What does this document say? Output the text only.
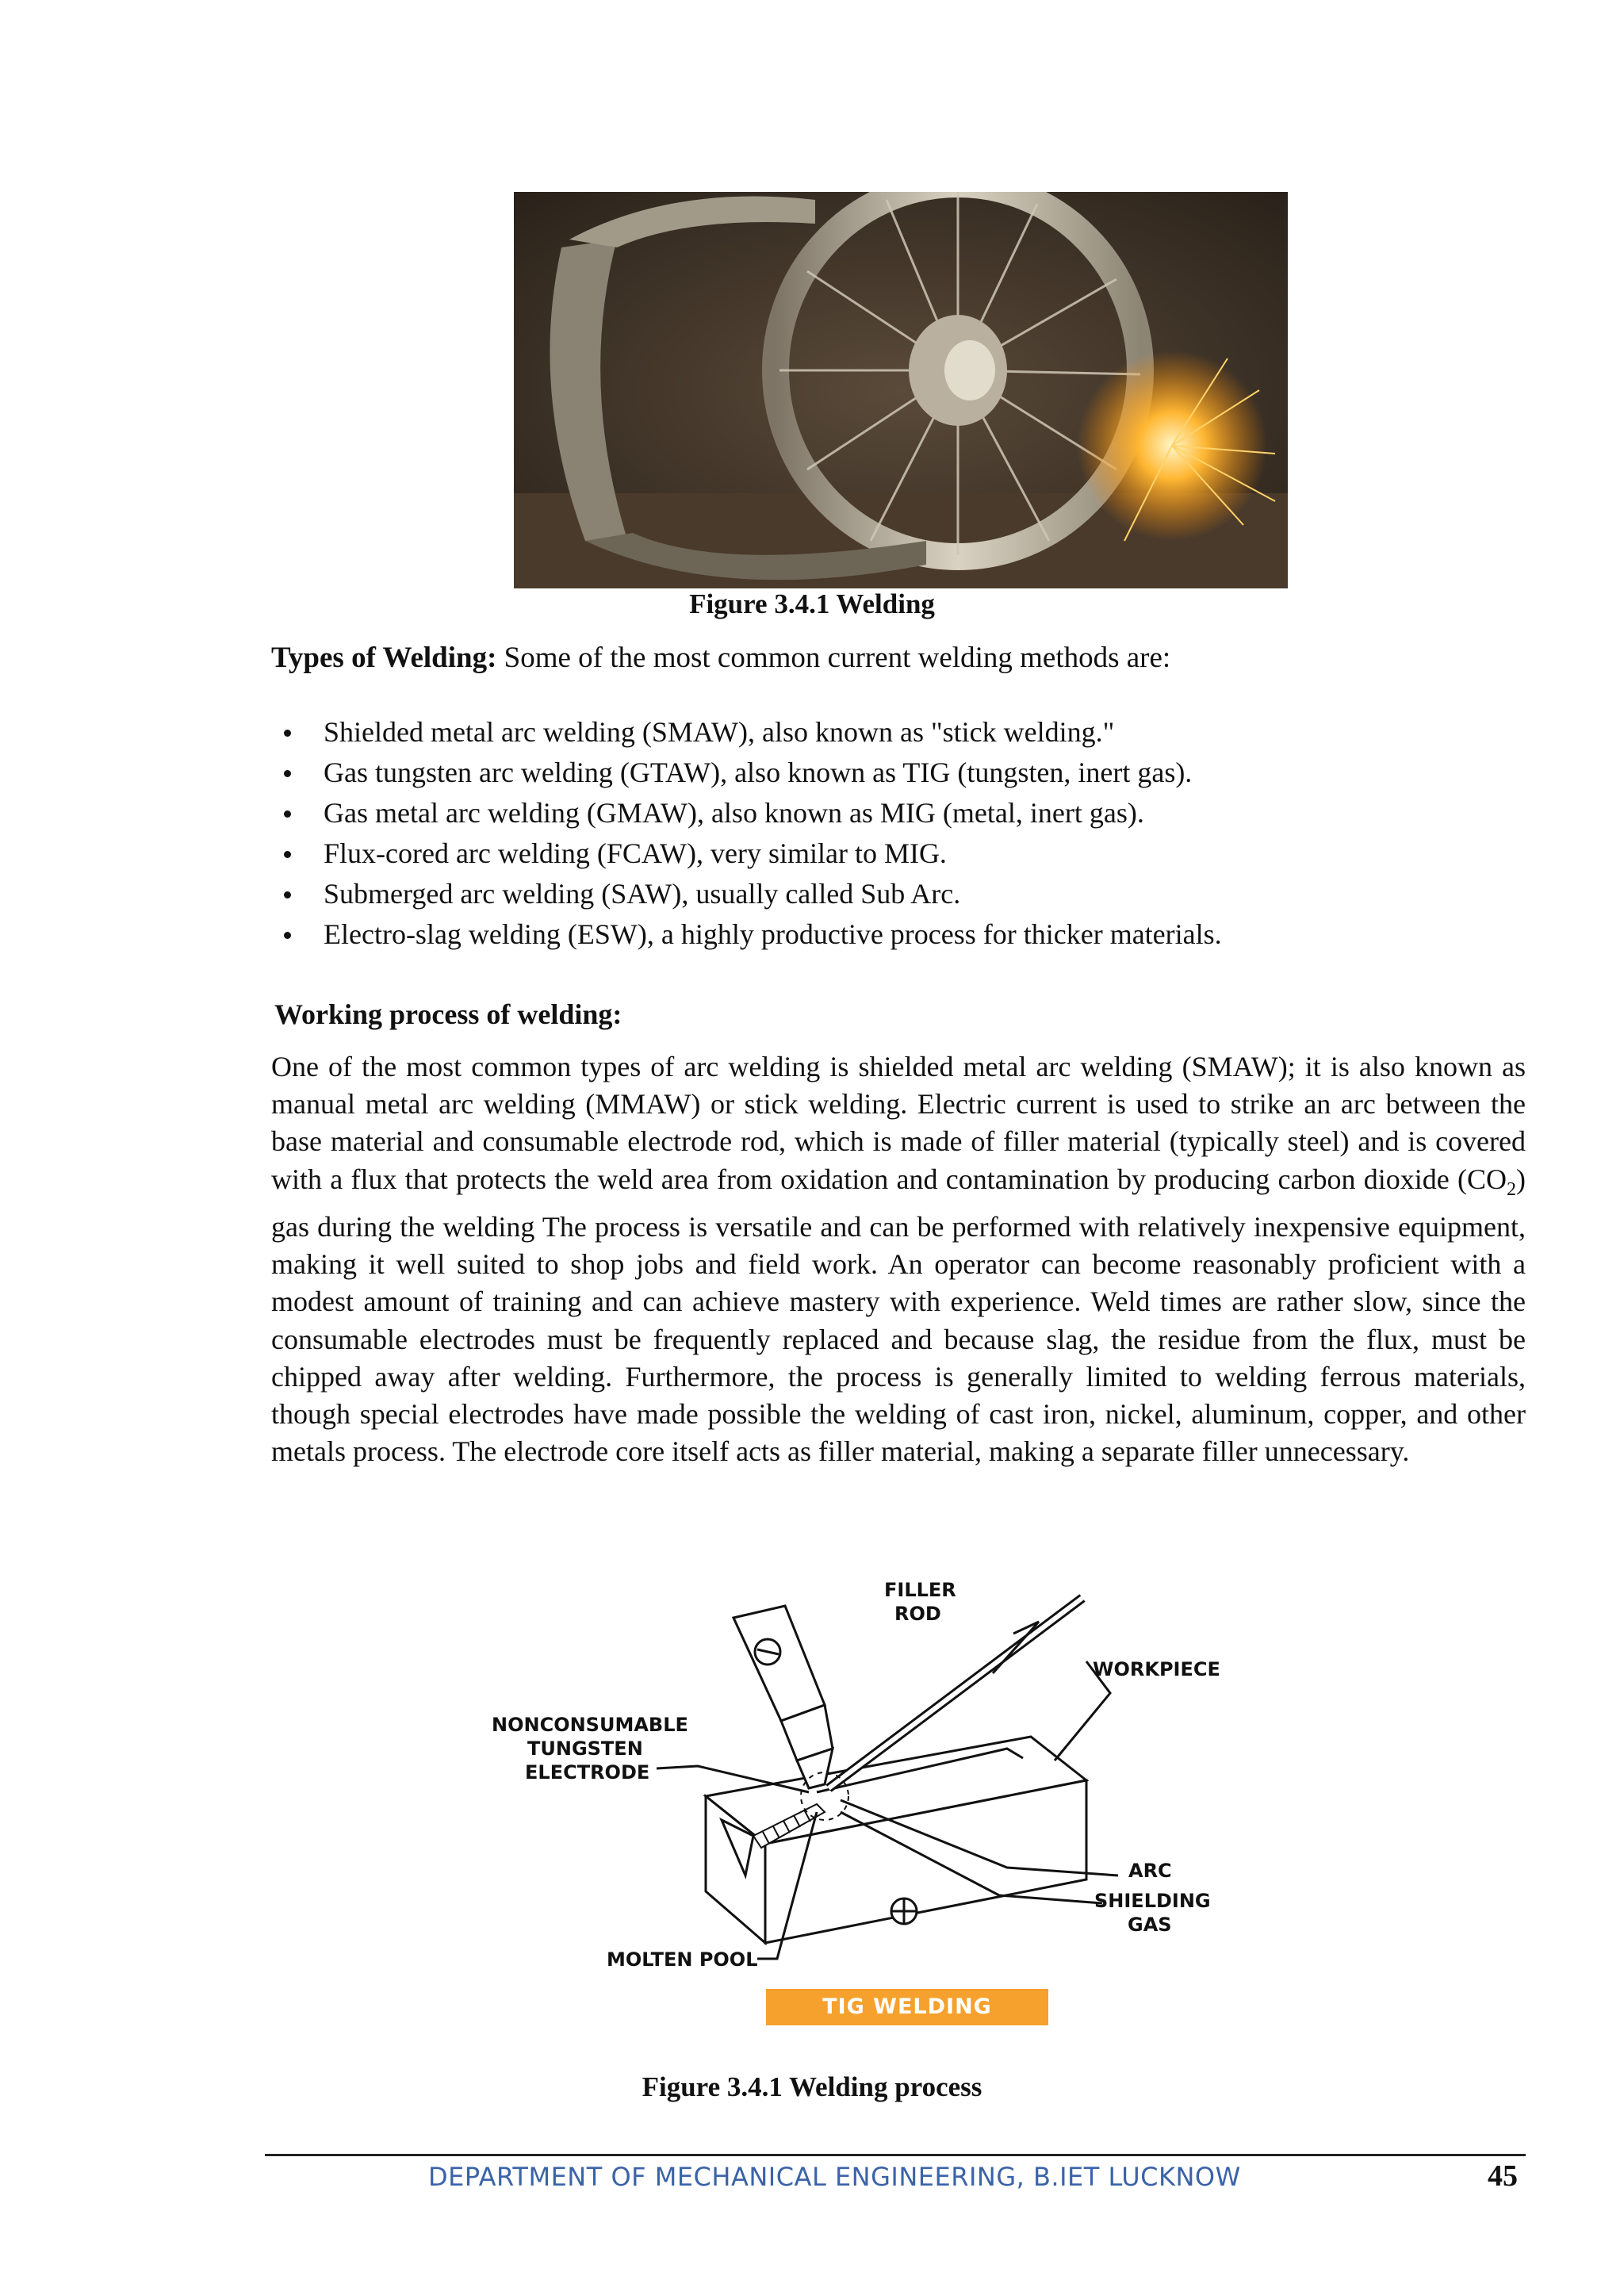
Figure 3.4.1 Welding
Types of Welding: Some of the most common current welding methods are:
Shielded metal arc welding (SMAW), also known as "stick welding."
Gas tungsten arc welding (GTAW), also known as TIG (tungsten, inert gas).
Gas metal arc welding (GMAW), also known as MIG (metal, inert gas).
Flux-cored arc welding (FCAW), very similar to MIG.
Submerged arc welding (SAW), usually called Sub Arc.
Electro-slag welding (ESW), a highly productive process for thicker materials.
Working process of welding:

One of the most common types of arc welding is shielded metal arc welding (SMAW); it is also known as manual metal arc welding (MMAW) or stick welding. Electric current is used to strike an arc between the base material and consumable electrode rod, which is made of filler material (typically steel) and is covered with a flux that protects the weld area from oxidation and contamination by producing carbon dioxide $(CO_2)$ gas during the welding The process is versatile and can be performed with relatively inexpensive equipment, making it well suited to shop jobs and field work. An operator can become reasonably proficient with a modest amount of training and can achieve mastery with experience. Weld times are rather slow, since the consumable electrodes must be frequently replaced and because slag, the residue from the flux, must be chipped away after welding. Furthermore, the process is generally limited to welding ferrous materials, though special electrodes have made possible the welding of cast iron, nickel, aluminum, copper, and other metals process. The electrode core itself acts as filler material, making a separate filler unnecessary.

FILLER
ROD
WORKPIECE
NONCONSUMABLE
TUNGSTEN
ELECTRODE
ARC
SHIELDING
GAS
MOLTEN POOL
TIG WELDING PROCESS
Figure 3.4.1 Welding process
DEPARTMENT OF MECHANICAL ENGINEERING, B.IET LUCKNOW	45
